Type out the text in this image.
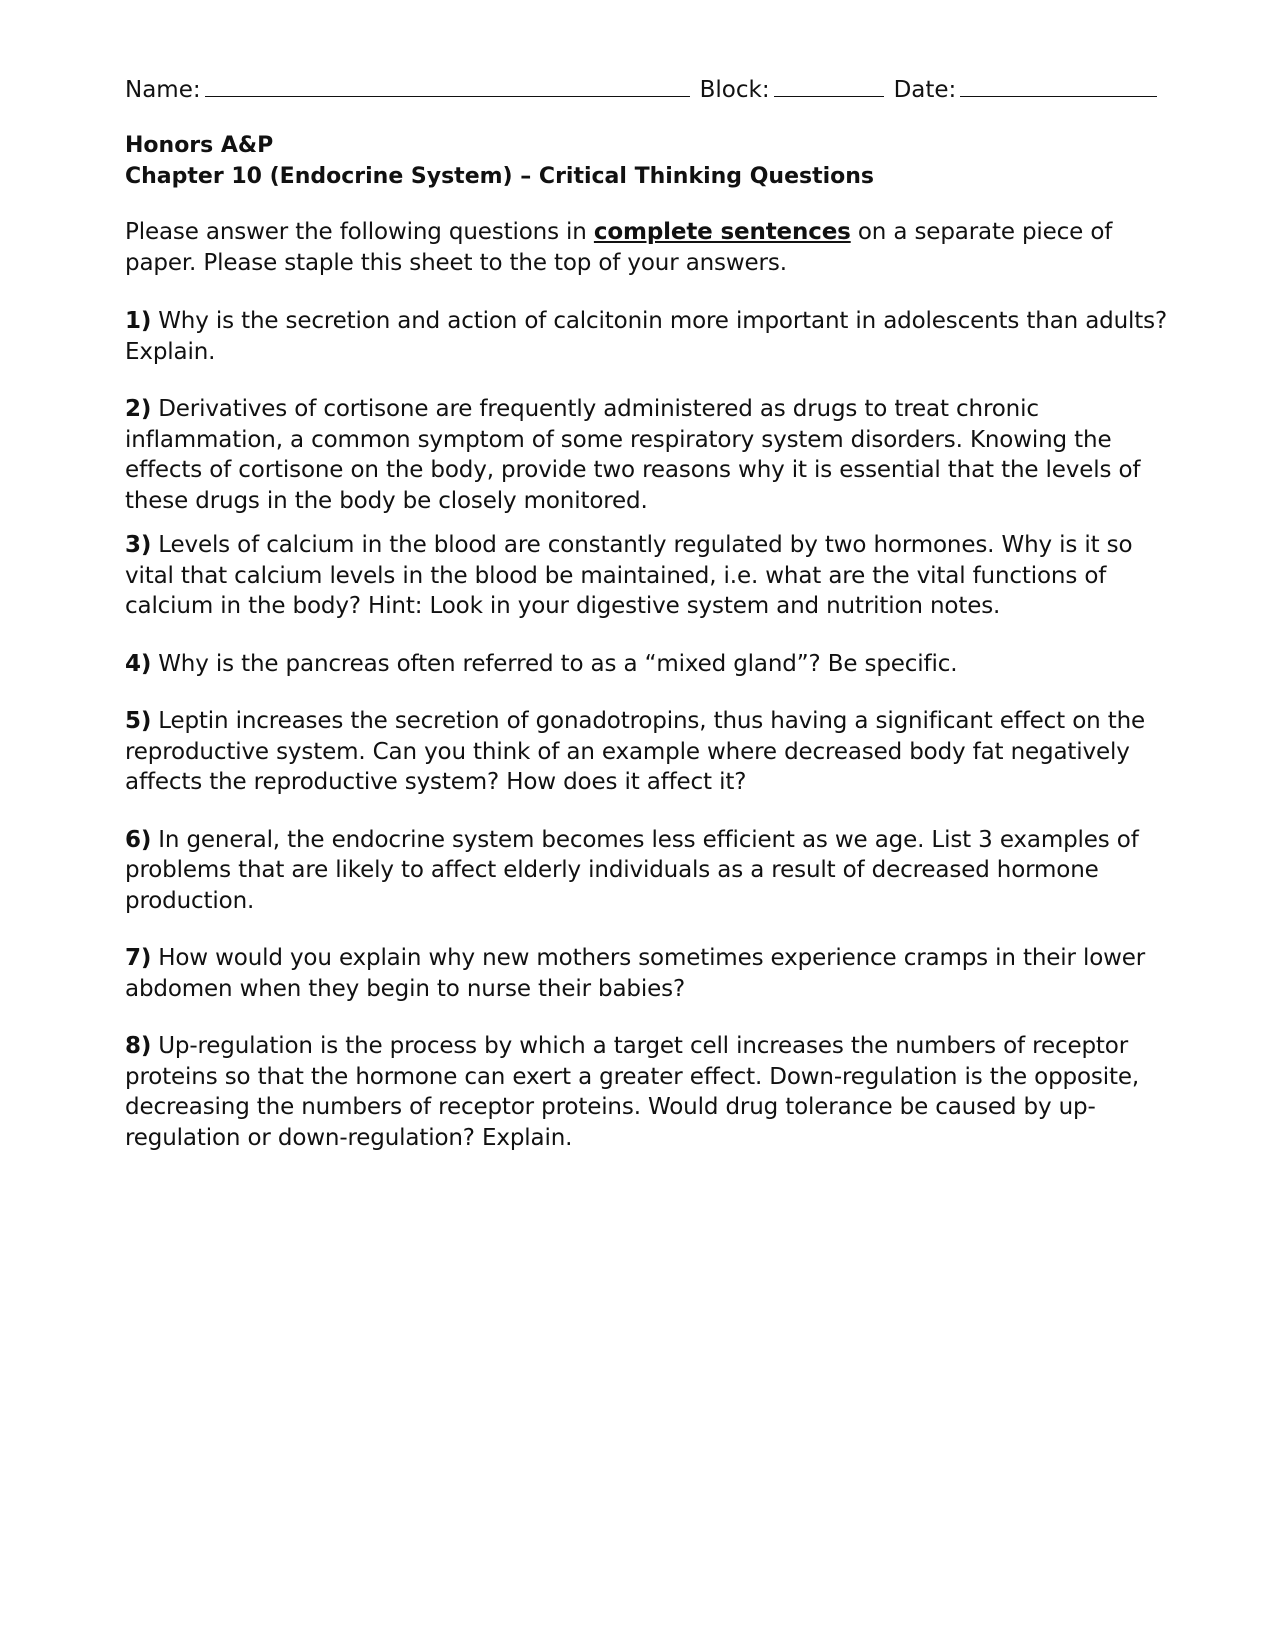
Name:	Block:	Date:
Honors A&P
Chapter 10 (Endocrine System) – Critical Thinking Questions
Please answer the following questions in complete sentences on a separate piece of paper. Please staple this sheet to the top of your answers.
1) Why is the secretion and action of calcitonin more important in adolescents than adults? Explain.
2) Derivatives of cortisone are frequently administered as drugs to treat chronic inflammation, a common symptom of some respiratory system disorders. Knowing the effects of cortisone on the body, provide two reasons why it is essential that the levels of these drugs in the body be closely monitored.
3) Levels of calcium in the blood are constantly regulated by two hormones. Why is it so vital that calcium levels in the blood be maintained, i.e. what are the vital functions of calcium in the body? Hint: Look in your digestive system and nutrition notes.
4) Why is the pancreas often referred to as a “mixed gland”? Be specific.
5) Leptin increases the secretion of gonadotropins, thus having a significant effect on the reproductive system. Can you think of an example where decreased body fat negatively affects the reproductive system? How does it affect it?
6) In general, the endocrine system becomes less efficient as we age. List 3 examples of problems that are likely to affect elderly individuals as a result of decreased hormone production.
7) How would you explain why new mothers sometimes experience cramps in their lower abdomen when they begin to nurse their babies?
8) Up-regulation is the process by which a target cell increases the numbers of receptor proteins so that the hormone can exert a greater effect. Down-regulation is the opposite, decreasing the numbers of receptor proteins. Would drug tolerance be caused by up-regulation or down-regulation? Explain.
